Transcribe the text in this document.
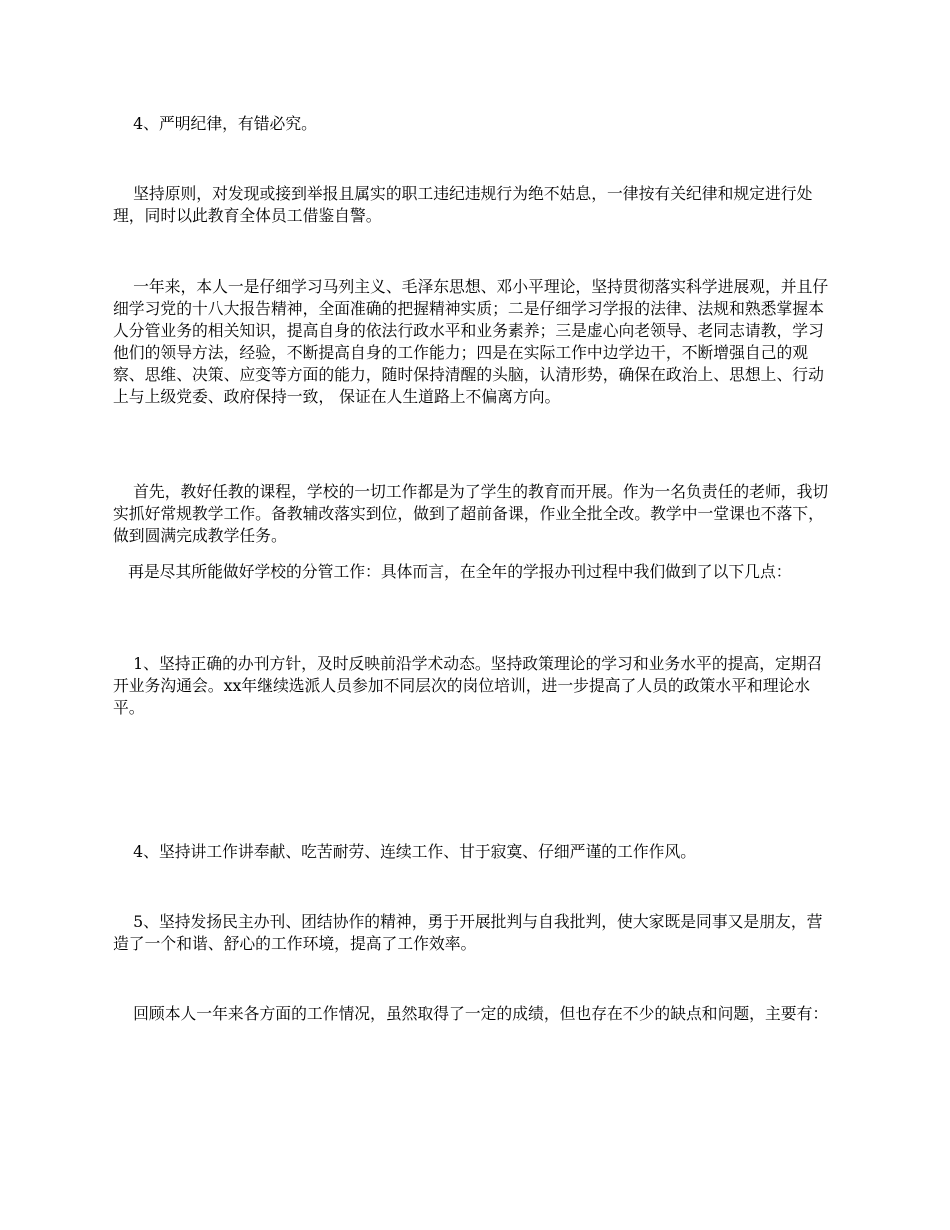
4、严明纪律，有错必究。

坚持原则，对发现或接到举报且属实的职工违纪违规行为绝不姑息，一律按有关纪律和规定进行处理，同时以此教育全体员工借鉴自警。

一年来，本人一是仔细学习马列主义、毛泽东思想、邓小平理论，坚持贯彻落实科学进展观，并且仔细学习党的十八大报告精神，全面准确的把握精神实质；二是仔细学习学报的法律、法规和熟悉掌握本人分管业务的相关知识，提高自身的依法行政水平和业务素养；三是虚心向老领导、老同志请教，学习他们的领导方法，经验，不断提高自身的工作能力；四是在实际工作中边学边干，不断增强自己的观察、思维、决策、应变等方面的能力，随时保持清醒的头脑，认清形势，确保在政治上、思想上、行动上与上级党委、政府保持一致， 保证在人生道路上不偏离方向。

首先，教好任教的课程，学校的一切工作都是为了学生的教育而开展。作为一名负责任的老师，我切实抓好常规教学工作。备教辅改落实到位，做到了超前备课，作业全批全改。教学中一堂课也不落下，做到圆满完成教学任务。

再是尽其所能做好学校的分管工作：具体而言，在全年的学报办刊过程中我们做到了以下几点：

1、坚持正确的办刊方针，及时反映前沿学术动态。坚持政策理论的学习和业务水平的提高，定期召开业务沟通会。xx年继续选派人员参加不同层次的岗位培训，进一步提高了人员的政策水平和理论水平。

4、坚持讲工作讲奉献、吃苦耐劳、连续工作、甘于寂寞、仔细严谨的工作作风。

5、坚持发扬民主办刊、团结协作的精神，勇于开展批判与自我批判，使大家既是同事又是朋友，营造了一个和谐、舒心的工作环境，提高了工作效率。

回顾本人一年来各方面的工作情况，虽然取得了一定的成绩，但也存在不少的缺点和问题，主要有：
